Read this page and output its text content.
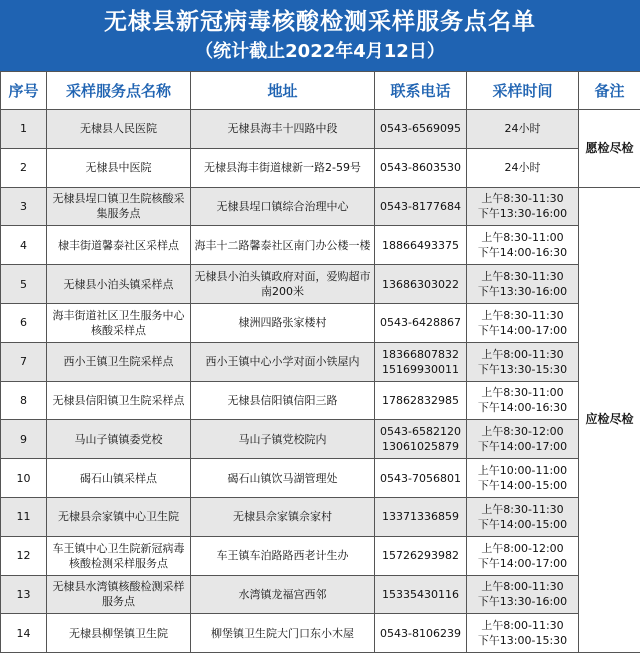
无棣县新冠病毒核酸检测采样服务点名单
（统计截止2022年4月12日）
序号	采样服务点名称	地址	联系电话	采样时间	备注
1	无棣县人民医院	无棣县海丰十四路中段	0543-6569095	24小时	愿检尽检
2	无棣县中医院	无棣县海丰街道棣新一路2-59号	0543-8603530	24小时	
3	无棣县埕口镇卫生院核酸采集服务点	无棣县埕口镇综合治理中心	0543-8177684	上午8:30-11:30
下午13:30-16:00	应检尽检
4	棣丰街道馨泰社区采样点	海丰十二路馨泰社区南门办公楼一楼	18866493375	上午8:30-11:00
下午14:00-16:30	
5	无棣县小泊头镇采样点	无棣县小泊头镇政府对面，爱购超市南200米	13686303022	上午8:30-11:30
下午13:30-16:00	
6	海丰街道社区卫生服务中心核酸采样点	棣洲四路张家楼村	0543-6428867	上午8:30-11:30
下午14:00-17:00	
7	西小王镇卫生院采样点	西小王镇中心小学对面小铁屋内	18366807832
15169930011	上午8:00-11:30
下午13:30-15:30	
8	无棣县信阳镇卫生院采样点	无棣县信阳镇信阳三路	17862832985	上午8:30-11:00
下午14:00-16:30	
9	马山子镇镇委党校	马山子镇党校院内	0543-6582120
13061025879	上午8:30-12:00
下午14:00-17:00	
10	碣石山镇采样点	碣石山镇饮马湖管理处	0543-7056801	上午10:00-11:00
下午14:00-15:00	
11	无棣县佘家镇中心卫生院	无棣县佘家镇佘家村	13371336859	上午8:30-11:30
下午14:00-15:00	
12	车王镇中心卫生院新冠病毒核酸检测采样服务点	车王镇车泊路路西老计生办	15726293982	上午8:00-12:00
下午14:00-17:00	
13	无棣县水湾镇核酸检测采样服务点	水湾镇龙福宫西邻	15335430116	上午8:00-11:30
下午13:30-16:00	
14	无棣县柳堡镇卫生院	柳堡镇卫生院大门口东小木屋	0543-8106239	上午8:00-11:30
下午13:00-15:30	
